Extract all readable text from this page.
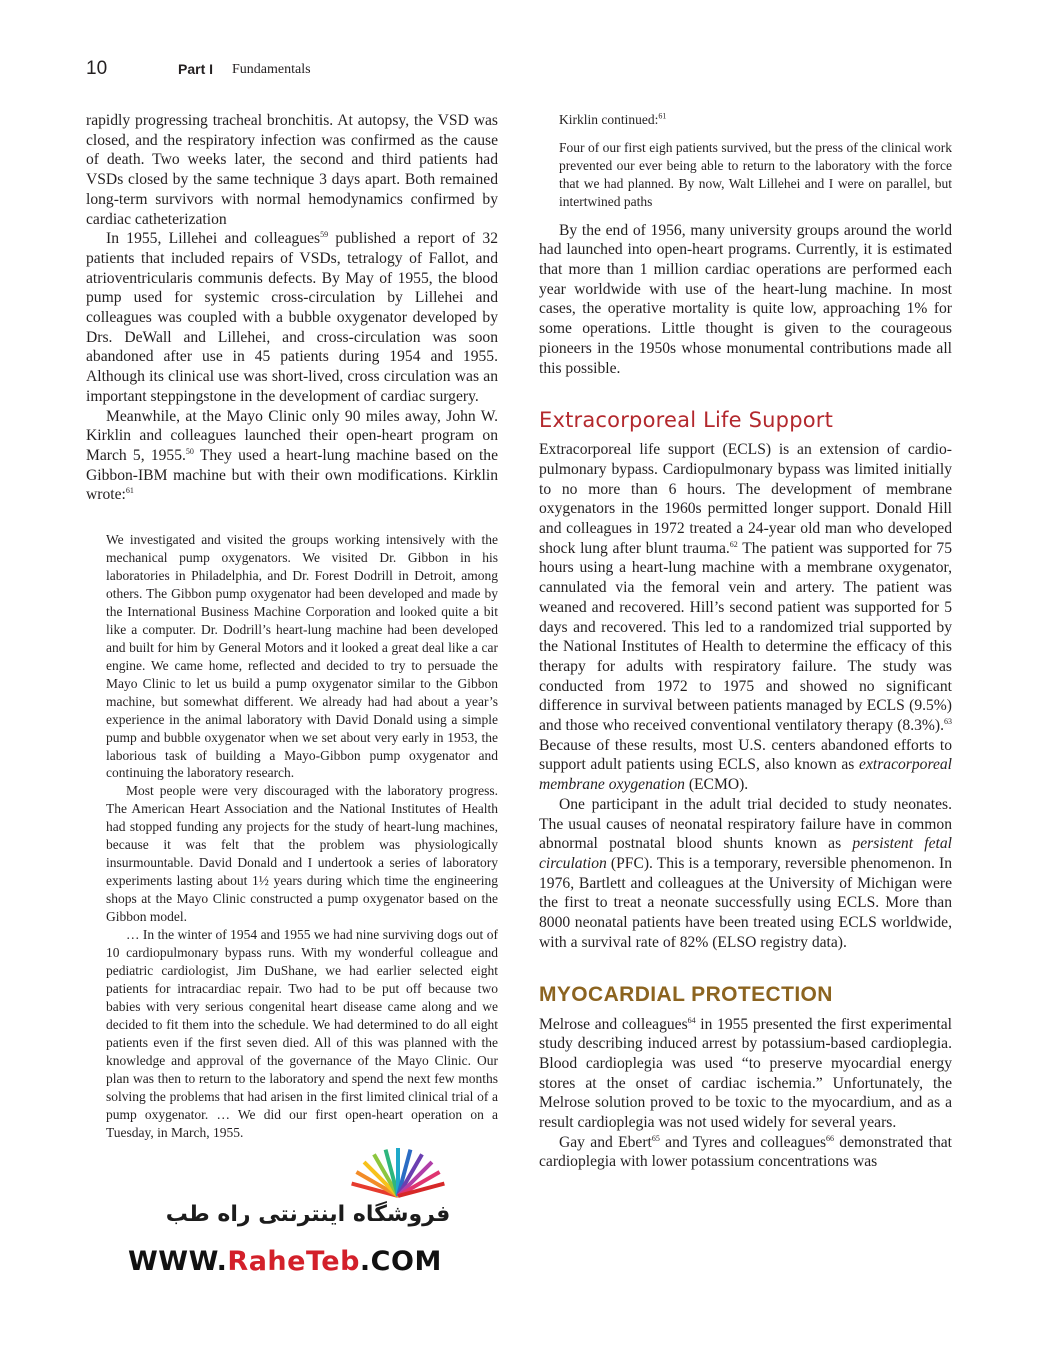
10	Part I Fundamentals

rapidly progressing tracheal bronchitis. At autopsy, the VSD was closed, and the respiratory infection was confirmed as the cause of death. Two weeks later, the second and third patients had VSDs closed by the same technique 3 days apart. Both remained long-term survivors with normal hemodynamics confirmed by cardiac catheterization

In 1955, Lillehei and colleagues$^{59}$ published a report of 32 patients that included repairs of VSDs, tetralogy of Fallot, and atrioventricularis communis defects. By May of 1955, the blood pump used for systemic cross-circulation by Lillehei and colleagues was coupled with a bubble oxygenator developed by Drs. DeWall and Lillehei, and cross-circulation was soon abandoned after use in 45 patients during 1954 and 1955. Although its clinical use was short-lived, cross circulation was an important steppingstone in the development of cardiac surgery.

Meanwhile, at the Mayo Clinic only 90 miles away, John W. Kirklin and colleagues launched their open-heart program on March 5, 1955.50 They used a heart-lung machine based on the Gibbon-IBM machine but with their own modifications. Kirklin wrote:$^{61}$

We investigated and visited the groups working intensively with the mechanical pump oxygenators. We visited Dr. Gibbon in his laboratories in Philadelphia, and Dr. Forest Dodrill in Detroit, among others. The Gibbon pump oxygenator had been developed and made by the International Business Machine Corporation and looked quite a bit like a computer. Dr. Dodrill’s heart-lung machine had been developed and built for him by General Motors and it looked a great deal like a car engine. We came home, reflected and decided to try to persuade the Mayo Clinic to let us build a pump oxygenator similar to the Gibbon machine, but somewhat different. We already had had about a year’s experience in the animal laboratory with David Donald using a simple pump and bubble oxygenator when we set about very early in 1953, the laborious task of building a Mayo-Gibbon pump oxygenator and continuing the laboratory research.

Most people were very discouraged with the laboratory progress. The American Heart Association and the National Institutes of Health had stopped funding any projects for the study of heart-lung machines, because it was felt that the problem was physiologically insurmountable. David Donald and I undertook a series of laboratory experiments lasting about 1½ years during which time the engineering shops at the Mayo Clinic constructed a pump oxygenator based on the Gibbon model.

… In the winter of 1954 and 1955 we had nine surviving dogs out of 10 cardiopulmonary bypass runs. With my wonderful colleague and pediatric cardiologist, Jim DuShane, we had earlier selected eight patients for intracardiac repair. Two had to be put off because two babies with very serious congenital heart disease came along and we decided to fit them into the schedule. We had determined to do all eight patients even if the first seven died. All of this was planned with the knowledge and approval of the governance of the Mayo Clinic. Our plan was then to return to the laboratory and spend the next few months solving the problems that had arisen in the first limited clinical trial of a pump oxygenator. … We did our first open-heart operation on a Tuesday, in March, 1955.

Kirklin continued:$^{61}$

Four of our first eigh patients survived, but the press of the clinical work prevented our ever being able to return to the laboratory with the force that we had planned. By now, Walt Lillehei and I were on parallel, but intertwined paths

By the end of 1956, many university groups around the world had launched into open-heart programs. Currently, it is estimated that more than 1 million cardiac operations are performed each year worldwide with use of the heart-lung machine. In most cases, the operative mortality is quite low, approaching 1% for some operations. Little thought is given to the courageous pioneers in the 1950s whose monumental contributions made all this possible.

Extracorporeal Life Support

Extracorporeal life support (ECLS) is an extension of cardiopulmonary bypass. Cardiopulmonary bypass was limited initially to no more than 6 hours. The development of membrane oxygenators in the 1960s permitted longer support. Donald Hill and colleagues in 1972 treated a 24-year old man who developed shock lung after blunt trauma.$^{62}$ The patient was supported for 75 hours using a heart-lung machine with a membrane oxygenator, cannulated via the femoral vein and artery. The patient was weaned and recovered. Hill’s second patient was supported for 5 days and recovered. This led to a randomized trial supported by the National Institutes of Health to determine the efficacy of this therapy for adults with respiratory failure. The study was conducted from 1972 to 1975 and showed no significant difference in survival between patients managed by ECLS (9.5%) and those who received conventional ventilatory therapy (8.3%).$^{63}$ Because of these results, most U.S. centers abandoned efforts to support adult patients using ECLS, also known as extracorporeal membrane oxygenation (ECMO).

One participant in the adult trial decided to study neonates. The usual causes of neonatal respiratory failure have in common abnormal postnatal blood shunts known as persistent fetal circulation (PFC). This is a temporary, reversible phenomenon. In 1976, Bartlett and colleagues at the University of Michigan were the first to treat a neonate successfully using ECLS. More than 8000 neonatal patients have been treated using ECLS worldwide, with a survival rate of 82% (ELSO registry data).

MYOCARDIAL PROTECTION

Melrose and colleagues$^{64}$ in 1955 presented the first experimental study describing induced arrest by potassium-based cardioplegia. Blood cardioplegia was used “to preserve myocardial energy stores at the onset of cardiac ischemia.” Unfortunately, the Melrose solution proved to be toxic to the myocardium, and as a result cardioplegia was not used widely for several years.

Gay and Ebert$^{65}$ and Tyres and colleagues$^{66}$ demonstrated that cardioplegia with lower potassium concentrations was

فروشگاه اینترنتی راه طب
WWW.RaheTeb.COM
